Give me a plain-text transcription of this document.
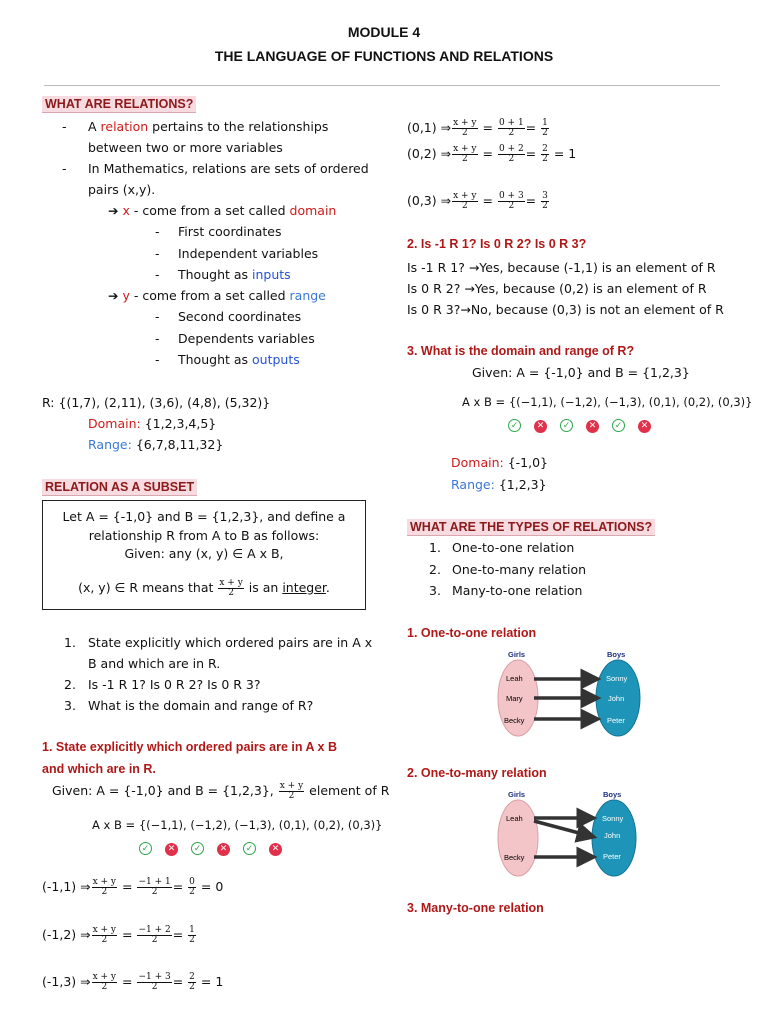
MODULE 4
THE LANGUAGE OF FUNCTIONS AND RELATIONS
WHAT ARE RELATIONS?
- A relation pertains to the relationships
between two or more variables
- In Mathematics, relations are sets of ordered
pairs (x,y).
➔ x - come from a set called domain
- First coordinates
- Independent variables
- Thought as inputs
➔ y - come from a set called range
- Second coordinates
- Dependents variables
- Thought as outputs
R: {(1,7), (2,11), (3,6), (4,8), (5,32)}
Domain: {1,2,3,4,5}
Range: {6,7,8,11,32}
RELATION AS A SUBSET
Let A = {-1,0} and B = {1,2,3}, and define a
relationship R from A to B as follows:
Given: any (x, y) ∈ A x B,
(x, y) ∈ R means that $\frac{x + y}{2}$ is an integer.
1. State explicitly which ordered pairs are in A x
B and which are in R.
2. Is -1 R 1? Is 0 R 2? Is 0 R 3?
3. What is the domain and range of R?
1. State explicitly which ordered pairs are in A x B
and which are in R.
Given: A = {-1,0} and B = {1,2,3}, $\frac{x + y}{2}$ element of R
A x B = {(−1,1), (−1,2), (−1,3), (0,1), (0,2), (0,3)}
✓ ✕ ✓ ✕ ✓ ✕
(-1,1) ⇒ $\frac{x + y}{2} = \frac{-1 + 1}{2} = \frac{0}{2} = 0$
(-1,2) ⇒ $\frac{x + y}{2} = \frac{-1 + 2}{2} = \frac{1}{2}$
(-1,3) ⇒ $\frac{x + y}{2} = \frac{-1 + 3}{2} = \frac{2}{2} = 1$
(0,1) ⇒ $\frac{x + y}{2} = \frac{0 + 1}{2} = \frac{1}{2}$
(0,2) ⇒ $\frac{x + y}{2} = \frac{0 + 2}{2} = \frac{2}{2} = 1$
(0,3) ⇒ $\frac{x + y}{2} = \frac{0 + 3}{2} = \frac{3}{2}$
2. Is -1 R 1? Is 0 R 2? Is 0 R 3?
Is -1 R 1? →Yes, because (-1,1) is an element of R
Is 0 R 2? →Yes, because (0,2) is an element of R
Is 0 R 3?→No, because (0,3) is not an element of R
3. What is the domain and range of R?
Given: A = {-1,0} and B = {1,2,3}
A x B = {(−1,1), (−1,2), (−1,3), (0,1), (0,2), (0,3)}
✓ ✕ ✓ ✕ ✓ ✕
Domain: {-1,0}
Range: {1,2,3}
WHAT ARE THE TYPES OF RELATIONS?
1. One-to-one relation
2. One-to-many relation
3. Many-to-one relation
1. One-to-one relation
Girls	Boys
Leah
Mary
Becky
Sonny
John
Peter
2. One-to-many relation
Girls	Boys
Leah
Becky
Sonny
John
Peter
3. Many-to-one relation
